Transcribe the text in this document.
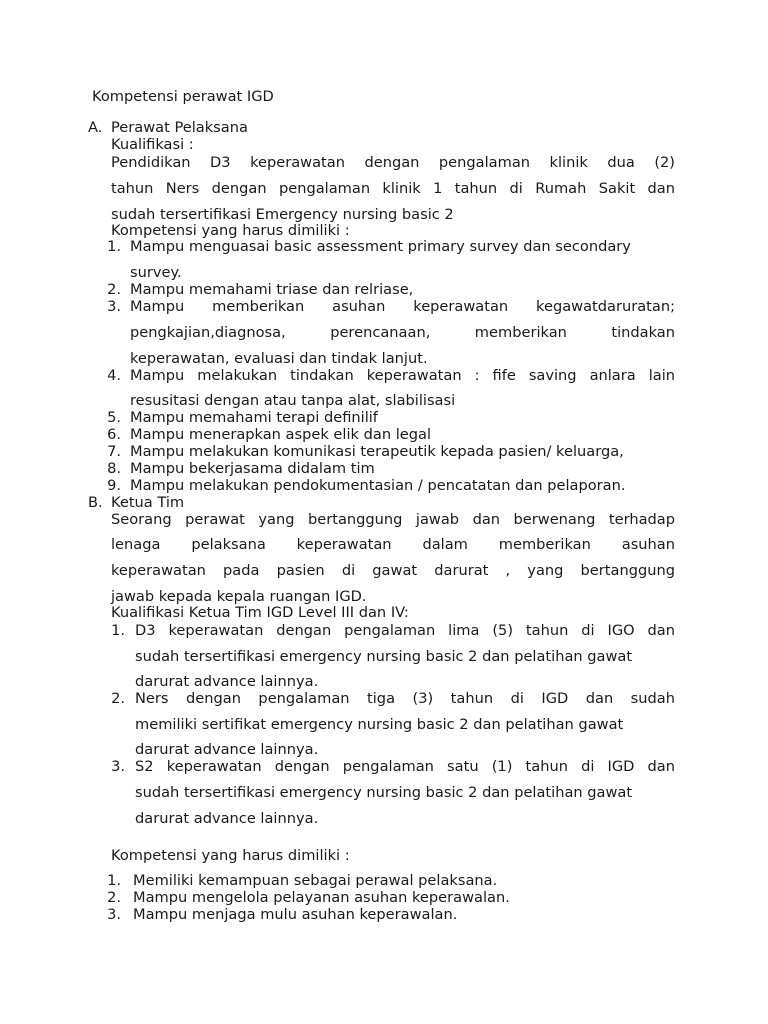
Kompetensi perawat IGD
A. Perawat Pelaksana
Kualifikasi :
Pendidikan D3 keperawatan dengan pengalaman klinik dua (2)
tahun Ners dengan pengalaman klinik 1 tahun di Rumah Sakit dan
sudah tersertifikasi Emergency nursing basic 2
Kompetensi yang harus dimiliki :
1. Mampu menguasai basic assessment primary survey dan secondary
survey.
2. Mampu memahami triase dan relriase,
3. Mampu memberikan asuhan keperawatan kegawatdaruratan;
pengkajian,diagnosa, perencanaan, memberikan tindakan
keperawatan, evaluasi dan tindak lanjut.
4. Mampu melakukan tindakan keperawatan : fife saving anlara lain
resusitasi dengan atau tanpa alat, slabilisasi
5. Mampu memahami terapi definilif
6. Mampu menerapkan aspek elik dan legal
7. Mampu melakukan komunikasi terapeutik kepada pasien/ keluarga,
8. Mampu bekerjasama didalam tim
9. Mampu melakukan pendokumentasian / pencatatan dan pelaporan.
B. Ketua Tim
Seorang perawat yang bertanggung jawab dan berwenang terhadap
lenaga pelaksana keperawatan dalam memberikan asuhan
keperawatan pada pasien di gawat darurat , yang bertanggung
jawab kepada kepala ruangan IGD.
Kualifikasi Ketua Tim IGD Level III dan IV:
1. D3 keperawatan dengan pengalaman lima (5) tahun di IGO dan
sudah tersertifikasi emergency nursing basic 2 dan pelatihan gawat
darurat advance lainnya.
2. Ners dengan pengalaman tiga (3) tahun di IGD dan sudah
memiliki sertifikat emergency nursing basic 2 dan pelatihan gawat
darurat advance lainnya.
3. S2 keperawatan dengan pengalaman satu (1) tahun di IGD dan
sudah tersertifikasi emergency nursing basic 2 dan pelatihan gawat
darurat advance lainnya.
Kompetensi yang harus dimiliki :
1. Memiliki kemampuan sebagai perawal pelaksana.
2. Mampu mengelola pelayanan asuhan keperawalan.
3. Mampu menjaga mulu asuhan keperawalan.
